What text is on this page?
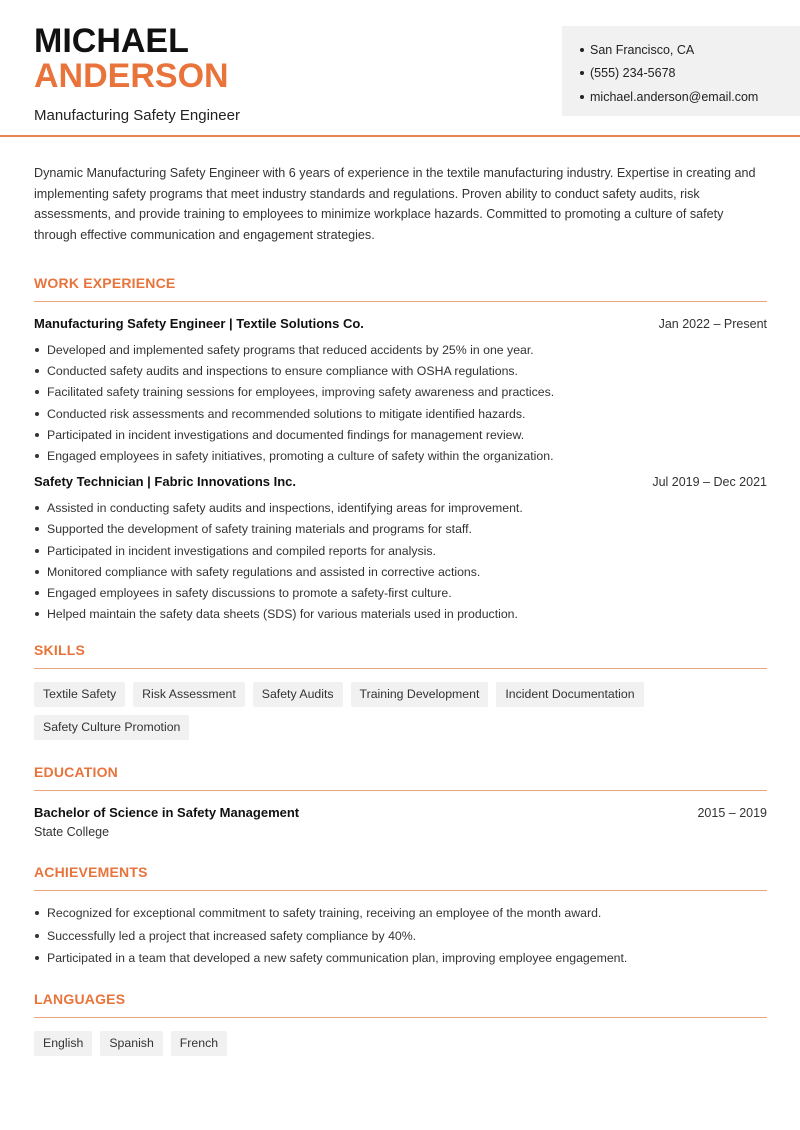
MICHAEL
ANDERSON
Manufacturing Safety Engineer
San Francisco, CA
(555) 234-5678
michael.anderson@email.com

Dynamic Manufacturing Safety Engineer with 6 years of experience in the textile manufacturing industry. Expertise in creating and implementing safety programs that meet industry standards and regulations. Proven ability to conduct safety audits, risk assessments, and provide training to employees to minimize workplace hazards. Committed to promoting a culture of safety through effective communication and engagement strategies.

WORK EXPERIENCE
Manufacturing Safety Engineer | Textile Solutions Co.	Jan 2022 – Present
Developed and implemented safety programs that reduced accidents by 25% in one year.
Conducted safety audits and inspections to ensure compliance with OSHA regulations.
Facilitated safety training sessions for employees, improving safety awareness and practices.
Conducted risk assessments and recommended solutions to mitigate identified hazards.
Participated in incident investigations and documented findings for management review.
Engaged employees in safety initiatives, promoting a culture of safety within the organization.
Safety Technician | Fabric Innovations Inc.	Jul 2019 – Dec 2021
Assisted in conducting safety audits and inspections, identifying areas for improvement.
Supported the development of safety training materials and programs for staff.
Participated in incident investigations and compiled reports for analysis.
Monitored compliance with safety regulations and assisted in corrective actions.
Engaged employees in safety discussions to promote a safety-first culture.
Helped maintain the safety data sheets (SDS) for various materials used in production.
SKILLS
Textile Safety	Risk Assessment	Safety Audits	Training Development	Incident Documentation
Safety Culture Promotion
EDUCATION
Bachelor of Science in Safety Management	2015 – 2019
State College
ACHIEVEMENTS
Recognized for exceptional commitment to safety training, receiving an employee of the month award.
Successfully led a project that increased safety compliance by 40%.
Participated in a team that developed a new safety communication plan, improving employee engagement.
LANGUAGES
English	Spanish	French
